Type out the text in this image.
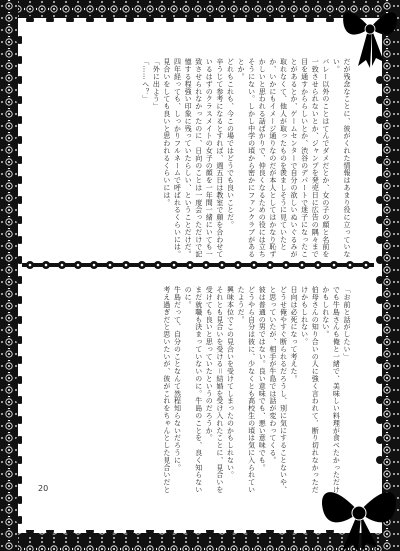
だが残念なことに、彼がくれた情報はあまり役に立っていない。
バレー以外のことはてんでダメだとか、女の子の顔と名前を一致させられないとか、ジャンプを発売日に広告の隅々まで目を通すかららしいとか、渋谷のデパートで迷子になったことがあるとか、ゲームセンターで自分の欲しいぬいぐるみが取れなくて、他人が取ったものを羨ましそうに見ていたとか、いかにもイメージ通りなのだが本人としてはかなり恥ずかしいと思われる話ばかりで、仲良くなるための役には立ちそうにない。しかし中学の頃から密かにファンクラブがあるとか。
どれもこれも、今この場ではどうでも良いことだ。
辛うじて参考になるとすれば、週五日は教室で顔を合わせているはずのクラスメイトの女子の顔を一年間一緒にいても一致させられなかったのに、日向のことは一度会っただけで記憶する程強い印象に残っていたらしい、ということだけだ。
四年経っても、しっかりフルネームで呼ばれるくらいには。
見合いをしても良いと思われるくらいには。
「外に出よう」
「……へ？」
「お前と話がしたい」
でも牛島さんも俺と一緒で、美味しい料理が食べたかっただけかもしれない。
伯母さんの知り合いの人に強く言われて、断り切れなかっただけかもしれない。
日向は必死になって考えた。
どうせ俺やすぐ断られるだろうし、別に気にすることないや、と思っていたが、相手が牛島では話が変わってくる。
彼は普通の男ではない。良い意味でも、悪い意味でも。
どうやら自分は彼に、少なくとも高校生の頃は気に入られていたようだ。
興味本位でこの見合いを受けてしまったのかもしれない。
それとも見合いを受ける＝結婚を受け入れたことに、見合いを受けても良いと思っていたというのだろうか。
まだ就職も決まっていないのに。牛島のことを、良く知らないのに。
牛島だって、自分のことなんて然程知らないだろうに。
考え過ぎだと思いたいが、彼がこれをちゃんとした見合いだと
20
